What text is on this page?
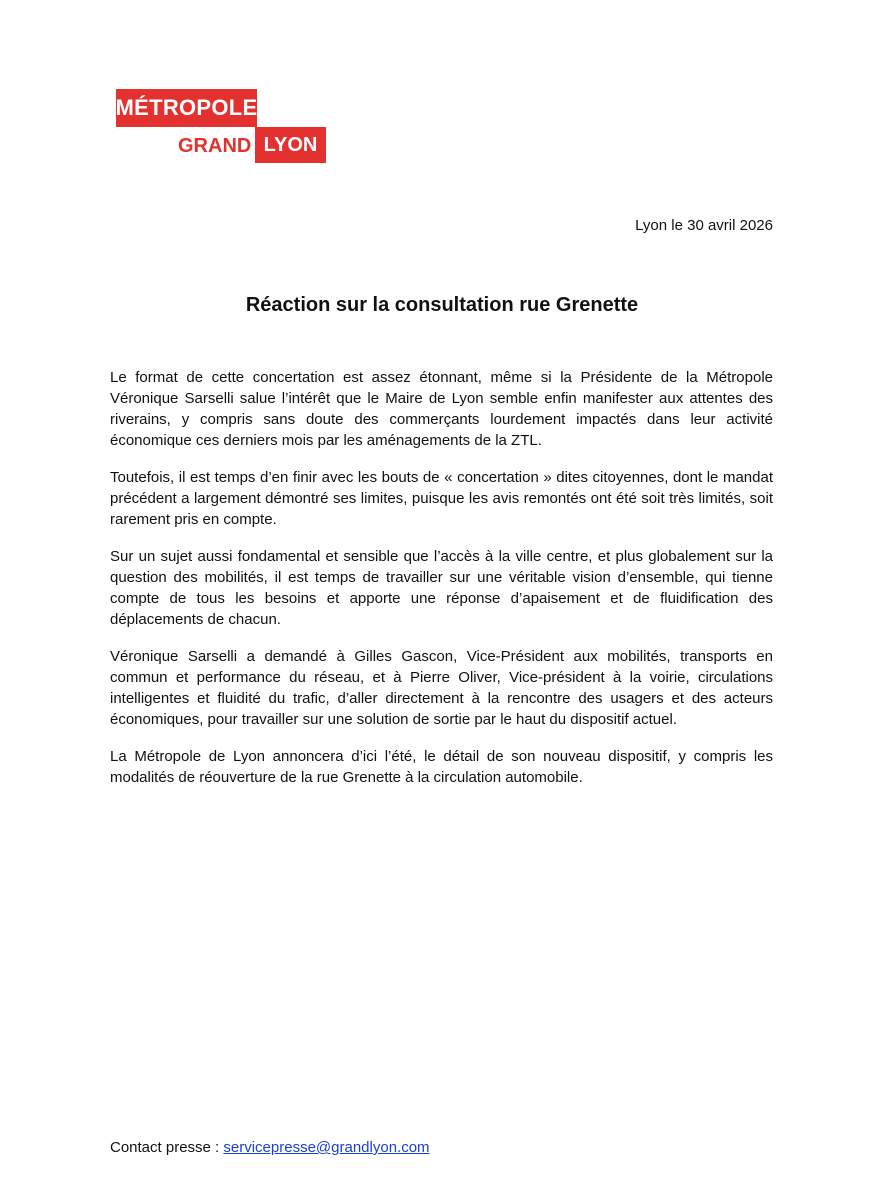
MÉTROPOLE
GRAND LYON
Lyon le 30 avril 2026
Réaction sur la consultation rue Grenette

Le format de cette concertation est assez étonnant, même si la Présidente de la Métropole Véronique Sarselli salue l’intérêt que le Maire de Lyon semble enfin manifester aux attentes des riverains, y compris sans doute des commerçants lourdement impactés dans leur activité économique ces derniers mois par les aménagements de la ZTL.

Toutefois, il est temps d’en finir avec les bouts de « concertation » dites citoyennes, dont le mandat précédent a largement démontré ses limites, puisque les avis remontés ont été soit très limités, soit rarement pris en compte.

Sur un sujet aussi fondamental et sensible que l’accès à la ville centre, et plus globalement sur la question des mobilités, il est temps de travailler sur une véritable vision d’ensemble, qui tienne compte de tous les besoins et apporte une réponse d’apaisement et de fluidification des déplacements de chacun.

Véronique Sarselli a demandé à Gilles Gascon, Vice-Président aux mobilités, transports en commun et performance du réseau, et à Pierre Oliver, Vice-président à la voirie, circulations intelligentes et fluidité du trafic, d’aller directement à la rencontre des usagers et des acteurs économiques, pour travailler sur une solution de sortie par le haut du dispositif actuel.

La Métropole de Lyon annoncera d’ici l’été, le détail de son nouveau dispositif, y compris les modalités de réouverture de la rue Grenette à la circulation automobile.

Contact presse : servicepresse@grandlyon.com
